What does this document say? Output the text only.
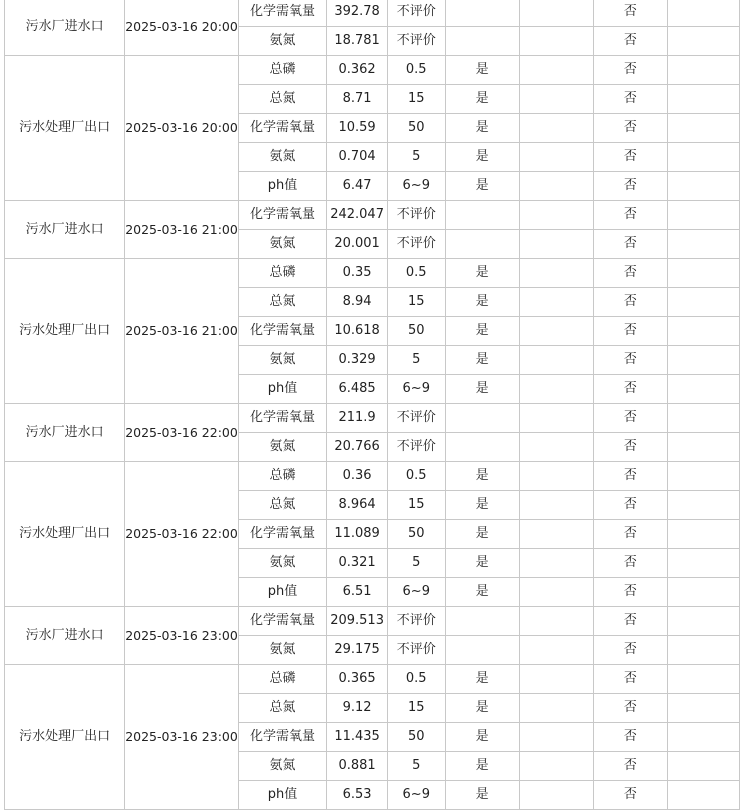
污水厂进水口	2025-03-16 20:00	化学需氧量	392.78	不评价			否	
		氨氮	18.781	不评价			否	
污水处理厂出口	2025-03-16 20:00	总磷	0.362	0.5	是		否	
		总氮	8.71	15	是		否	
		化学需氧量	10.59	50	是		否	
		氨氮	0.704	5	是		否	
		ph值	6.47	6~9	是		否	
污水厂进水口	2025-03-16 21:00	化学需氧量	242.047	不评价			否	
		氨氮	20.001	不评价			否	
污水处理厂出口	2025-03-16 21:00	总磷	0.35	0.5	是		否	
		总氮	8.94	15	是		否	
		化学需氧量	10.618	50	是		否	
		氨氮	0.329	5	是		否	
		ph值	6.485	6~9	是		否	
污水厂进水口	2025-03-16 22:00	化学需氧量	211.9	不评价			否	
		氨氮	20.766	不评价			否	
污水处理厂出口	2025-03-16 22:00	总磷	0.36	0.5	是		否	
		总氮	8.964	15	是		否	
		化学需氧量	11.089	50	是		否	
		氨氮	0.321	5	是		否	
		ph值	6.51	6~9	是		否	
污水厂进水口	2025-03-16 23:00	化学需氧量	209.513	不评价			否	
		氨氮	29.175	不评价			否	
污水处理厂出口	2025-03-16 23:00	总磷	0.365	0.5	是		否	
		总氮	9.12	15	是		否	
		化学需氧量	11.435	50	是		否	
		氨氮	0.881	5	是		否	
		ph值	6.53	6~9	是		否	
